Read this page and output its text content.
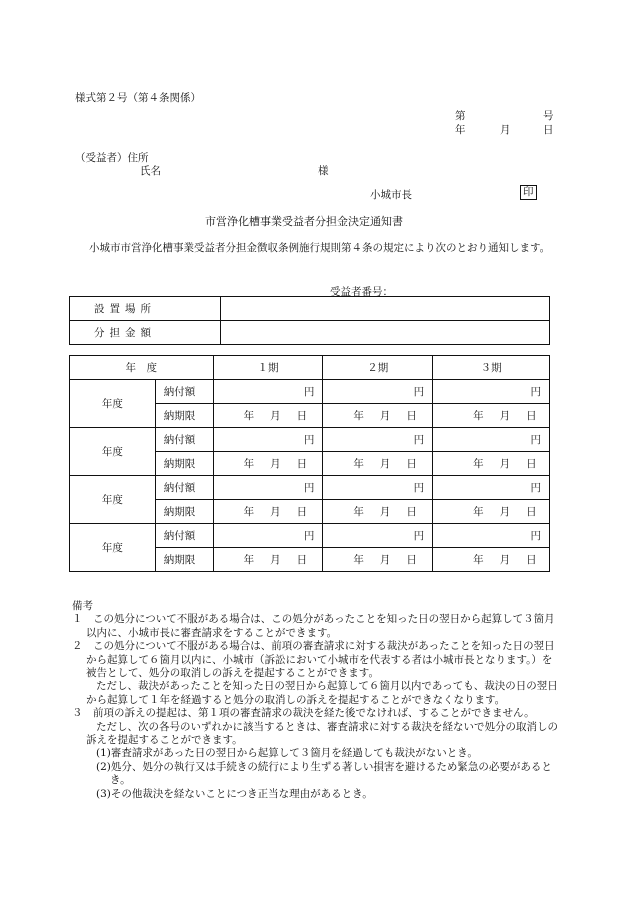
様式第２号（第４条関係）
第	号
年	月	日
（受益者）住所
氏名	様
小城市長	印
市営浄化槽事業受益者分担金決定通知書
小城市市営浄化槽事業受益者分担金徴収条例施行規則第４条の規定により次のとおり通知します。
受益者番号：
設置場所	
分担金額	
年　度		１期	２期	３期
年度	納付額	円	円	円
	納期限	年 月 日	年 月 日	年 月 日
年度	納付額	円	円	円
	納期限	年 月 日	年 月 日	年 月 日
年度	納付額	円	円	円
	納期限	年 月 日	年 月 日	年 月 日
年度	納付額	円	円	円
	納期限	年 月 日	年 月 日	年 月 日

備考

１　この処分について不服がある場合は、この処分があったことを知った日の翌日から起算して３箇月以内に、小城市長に審査請求をすることができます。

２　この処分について不服がある場合は、前項の審査請求に対する裁決があったことを知った日の翌日から起算して６箇月以内に、小城市（訴訟において小城市を代表する者は小城市長となります。）を被告として、処分の取消しの訴えを提起することができます。

ただし、裁決があったことを知った日の翌日から起算して６箇月以内であっても、裁決の日の翌日から起算して１年を経過すると処分の取消しの訴えを提起することができなくなります。

３　前項の訴えの提起は、第１項の審査請求の裁決を経た後でなければ、することができません。

ただし、次の各号のいずれかに該当するときは、審査請求に対する裁決を経ないで処分の取消しの訴えを提起することができます。

(1)審査請求があった日の翌日から起算して３箇月を経過しても裁決がないとき。

(2)処分、処分の執行又は手続きの続行により生ずる著しい損害を避けるため緊急の必要があるとき。

(3)その他裁決を経ないことにつき正当な理由があるとき。
